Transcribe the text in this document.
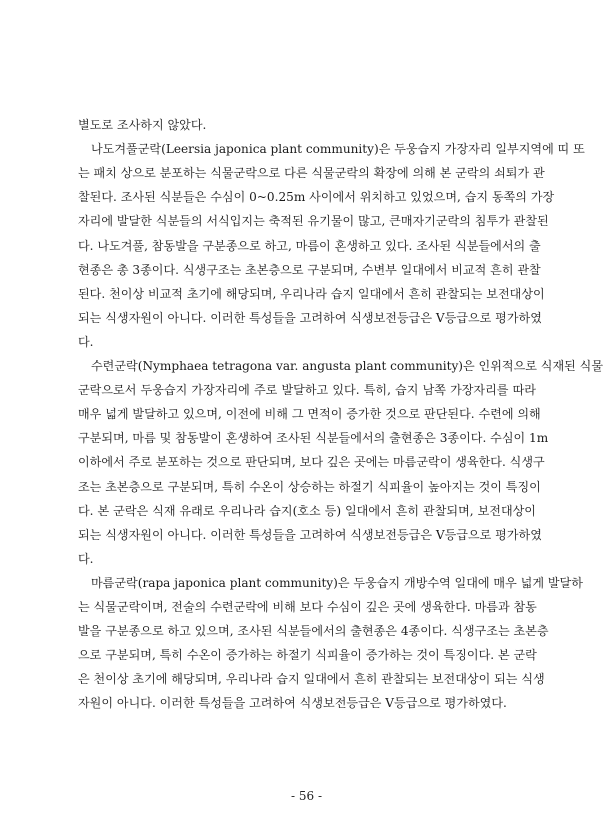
별도로 조사하지 않았다.
나도겨풀군락(Leersia japonica plant community)은 두웅습지 가장자리 일부지역에 띠 또
는 패치 상으로 분포하는 식물군락으로 다른 식물군락의 확장에 의해 본 군락의 쇠퇴가 관
찰된다. 조사된 식분들은 수심이 0~0.25m 사이에서 위치하고 있었으며, 습지 동쪽의 가장
자리에 발달한 식분들의 서식입지는 축적된 유기물이 많고, 큰매자기군락의 침투가 관찰된
다. 나도겨풀, 참동발을 구분종으로 하고, 마름이 혼생하고 있다. 조사된 식분들에서의 출
현종은 총 3종이다. 식생구조는 초본층으로 구분되며, 수변부 일대에서 비교적 흔히 관찰
된다. 천이상 비교적 초기에 해당되며, 우리나라 습지 일대에서 흔히 관찰되는 보전대상이
되는 식생자원이 아니다. 이러한 특성들을 고려하여 식생보전등급은 Ⅴ등급으로 평가하였
다.
수련군락(Nymphaea tetragona var. angusta plant community)은 인위적으로 식재된 식물
군락으로서 두웅습지 가장자리에 주로 발달하고 있다. 특히, 습지 남쪽 가장자리를 따라
매우 넓게 발달하고 있으며, 이전에 비해 그 면적이 증가한 것으로 판단된다. 수련에 의해
구분되며, 마름 및 참동발이 혼생하여 조사된 식분들에서의 출현종은 3종이다. 수심이 1m
이하에서 주로 분포하는 것으로 판단되며, 보다 깊은 곳에는 마름군락이 생육한다. 식생구
조는 초본층으로 구분되며, 특히 수온이 상승하는 하절기 식피율이 높아지는 것이 특징이
다. 본 군락은 식재 유래로 우리나라 습지(호소 등) 일대에서 흔히 관찰되며, 보전대상이
되는 식생자원이 아니다. 이러한 특성들을 고려하여 식생보전등급은 Ⅴ등급으로 평가하였
다.
마름군락(rapa japonica plant community)은 두웅습지 개방수역 일대에 매우 넓게 발달하
는 식물군락이며, 전술의 수련군락에 비해 보다 수심이 깊은 곳에 생육한다. 마름과 참동
발을 구분종으로 하고 있으며, 조사된 식분들에서의 출현종은 4종이다. 식생구조는 초본층
으로 구분되며, 특히 수온이 증가하는 하절기 식피율이 증가하는 것이 특징이다. 본 군락
은 천이상 초기에 해당되며, 우리나라 습지 일대에서 흔히 관찰되는 보전대상이 되는 식생
자원이 아니다. 이러한 특성들을 고려하여 식생보전등급은 Ⅴ등급으로 평가하였다.
- 56 -
